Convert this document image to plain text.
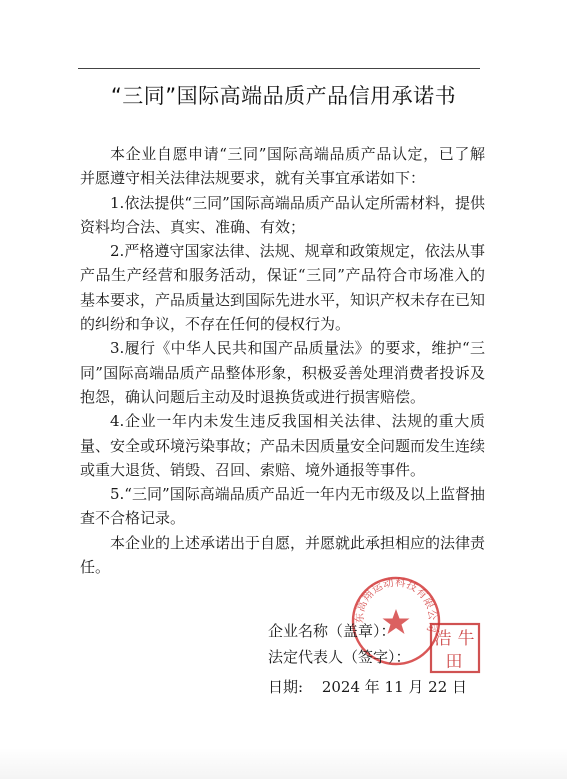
“三同”国际高端品质产品信用承诺书

本企业自愿申请“三同”国际高端品质产品认定，已了解并愿遵守相关法律法规要求，就有关事宜承诺如下：

1.依法提供“三同”国际高端品质产品认定所需材料，提供资料均合法、真实、准确、有效；

2.严格遵守国家法律、法规、规章和政策规定，依法从事产品生产经营和服务活动，保证“三同”产品符合市场准入的基本要求，产品质量达到国际先进水平，知识产权未存在已知的纠纷和争议，不存在任何的侵权行为。

3.履行《中华人民共和国产品质量法》的要求，维护“三同”国际高端品质产品整体形象，积极妥善处理消费者投诉及抱怨，确认问题后主动及时退换货或进行损害赔偿。

4.企业一年内未发生违反我国相关法律、法规的重大质量、安全或环境污染事故；产品未因质量安全问题而发生连续或重大退货、销毁、召回、索赔、境外通报等事件。

5.“三同”国际高端品质产品近一年内无市级及以上监督抽查不合格记录。

本企业的上述承诺出于自愿，并愿就此承担相应的法律责任。

东高翔运动科技有限公司
浩 牛
田
企业名称（盖章）：
法定代表人（签字）：
日期: 2024 年 11 月 22 日
